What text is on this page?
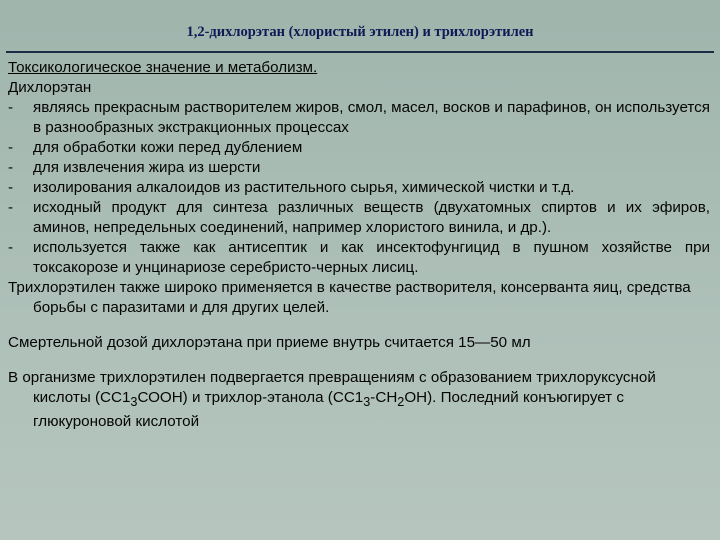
1,2-дихлорэтан (хлористый этилен) и трихлорэтилен

Токсикологическое значение и метаболизм.

Дихлорэтан

-	являясь прекрасным растворителем жиров, смол, масел, восков и парафинов, он используется в разнообразных экстракционных процессах
-	для обработки кожи перед дублением
-	для извлечения жира из шерсти
-	изолирования алкалоидов из растительного сырья, химической чистки и т.д.
-	исходный продукт для синтеза различных веществ (двухатомных спиртов и их эфиров, аминов, непредельных соединений, например хлористого винила, и др.).
-	используется также как антисептик и как инсектофунгицид в пушном хозяйстве при токсакорозе и унцинариозе серебристо-черных лисиц.

Трихлорэтилен также широко применяется в качестве растворителя, консерванта яиц, средства борьбы с паразитами и для других целей.

Смертельной дозой дихлорэтана при приеме внутрь считается 15—50 мл

В организме трихлорэтилен подвергается превращениям с образованием трихлоруксусной кислоты $(СС1_3СООН)$ и трихлор-этанола $(СС1_3-СН_2ОН)$. Последний конъюгирует с глюкуроновой кислотой
